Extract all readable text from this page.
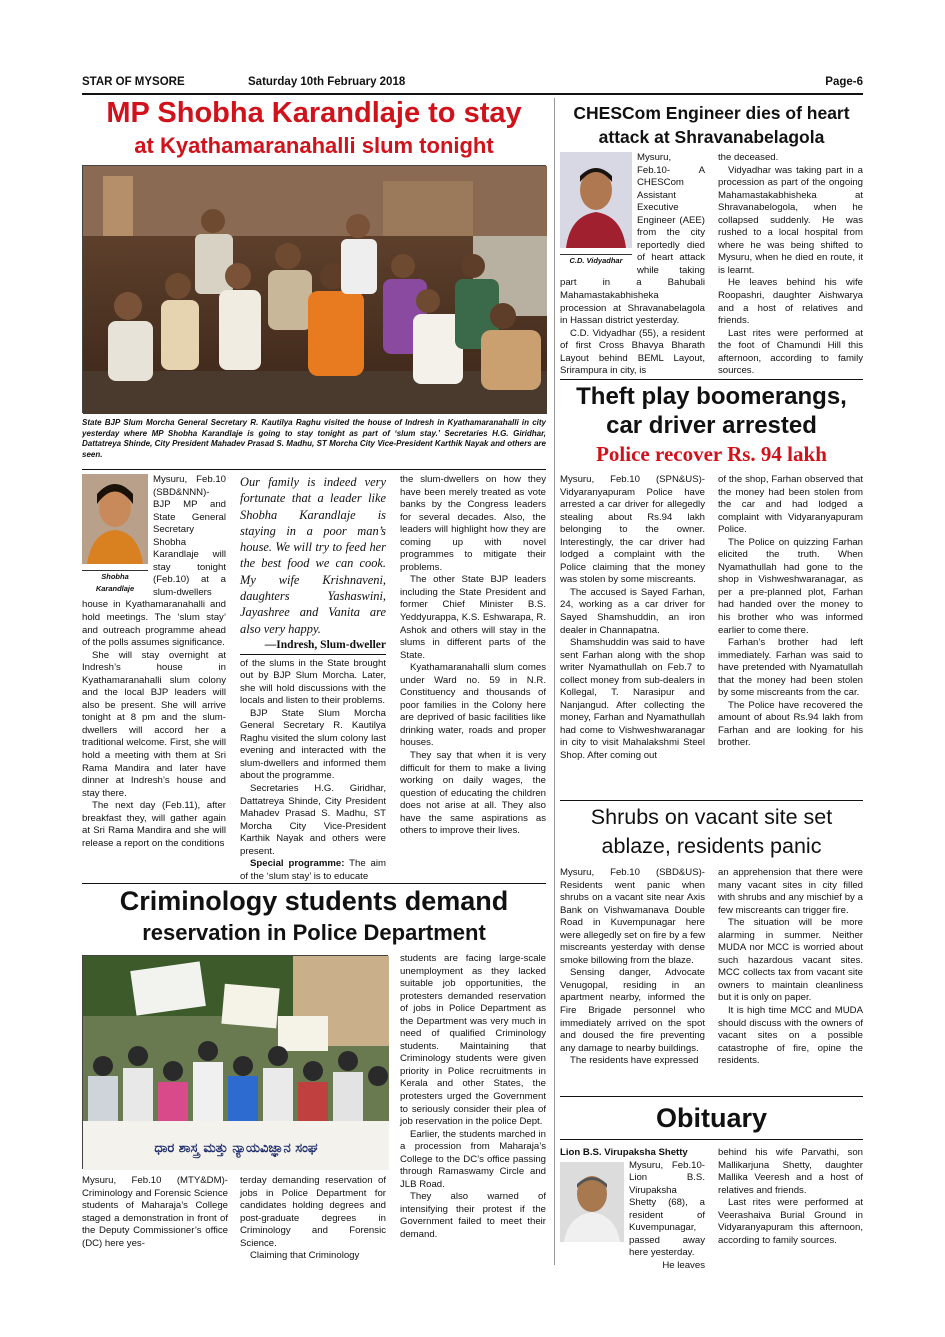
STAR OF MYSORE	Saturday 10th February 2018	Page-6
MP Shobha Karandlaje to stay
at Kyathamaranahalli slum tonight
State BJP Slum Morcha General Secretary R. Kautilya Raghu visited the house of Indresh in Kyathamaranahalli in city yesterday where MP Shobha Karandlaje is going to stay tonight as part of ‘slum stay.’ Secretaries H.G. Giridhar, Dattatreya Shinde, City President Mahadev Prasad S. Madhu, ST Morcha City Vice-President Karthik Nayak and others are seen.
Shobha Karandlaje

Mysuru, Feb.10 (SBD&NNN)- BJP MP and State General Secretary Shobha Karandlaje will stay tonight (Feb.10) at a slum-dwellers house in Kyathamaranahalli and hold meetings. The ‘slum stay’ and outreach programme ahead of the polls assumes significance.

She will stay overnight at Indresh’s house in Kyathamaranahalli slum colony and the local BJP leaders will also be present. She will arrive tonight at 8 pm and the slum-dwellers will accord her a traditional welcome. First, she will hold a meeting with them at Sri Rama Mandira and later have dinner at Indresh’s house and stay there.

The next day (Feb.11), after breakfast they, will gather again at Sri Rama Mandira and she will release a report on the conditions

Our family is indeed very fortunate that a leader like Shobha Karandlaje is staying in a poor man’s house. We will try to feed her the best food we can cook. My wife Krishnaveni, daughters Yashaswini, Jayashree and Vanita are also very happy.
—Indresh, Slum-dweller

of the slums in the State brought out by BJP Slum Morcha. Later, she will hold discussions with the locals and listen to their problems.

BJP State Slum Morcha General Secretary R. Kautilya Raghu visited the slum colony last evening and interacted with the slum-dwellers and informed them about the programme.

Secretaries H.G. Giridhar, Dattatreya Shinde, City President Mahadev Prasad S. Madhu, ST Morcha City Vice-President Karthik Nayak and others were present.

Special programme: The aim of the ‘slum stay’ is to educate

the slum-dwellers on how they have been merely treated as vote banks by the Congress leaders for several decades. Also, the leaders will highlight how they are coming up with novel programmes to mitigate their problems.

The other State BJP leaders including the State President and former Chief Minister B.S. Yeddyurappa, K.S. Eshwarapa, R. Ashok and others will stay in the slums in different parts of the State.

Kyathamaranahalli slum comes under Ward no. 59 in N.R. Constituency and thousands of poor families in the Colony here are deprived of basic facilities like drinking water, roads and proper houses.

They say that when it is very difficult for them to make a living working on daily wages, the question of educating the children does not arise at all. They also have the same aspirations as others to improve their lives.

Criminology students demand
reservation in Police Department
ಧಾರ ಶಾಸ್ತ್ರ ಮತ್ತು ನ್ಯಾಯವಿಜ್ಞಾನ ಸಂಘ

Mysuru, Feb.10 (MTY&DM)- Criminology and Forensic Science students of Maharaja’s College staged a demonstration in front of the Deputy Commissioner’s office (DC) here yes-

terday demanding reservation of jobs in Police Department for candidates holding degrees and post-graduate degrees in Criminology and Forensic Science.

Claiming that Criminology

students are facing large-scale unemployment as they lacked suitable job opportunities, the protesters demanded reservation of jobs in Police Department as the Department was very much in need of qualified Criminology students. Maintaining that Criminology students were given priority in Police recruitments in Kerala and other States, the protesters urged the Government to seriously consider their plea of job reservation in the police Dept.

Earlier, the students marched in a procession from Maharaja’s College to the DC’s office passing through Ramaswamy Circle and JLB Road.

They also warned of intensifying their protest if the Government failed to meet their demand.

CHESCom Engineer dies of heart
attack at Shravanabelagola
C.D. Vidyadhar

Mysuru, Feb.10- A CHESCom Assistant Executive Engineer (AEE) from the city reportedly died of heart attack while taking part in a Bahubali Mahamastakabhisheka procession at Shravanabelagola in Hassan district yesterday.

C.D. Vidyadhar (55), a resident of first Cross Bhavya Bharath Layout behind BEML Layout, Srirampura in city, is

the deceased.

Vidyadhar was taking part in a procession as part of the ongoing Mahamastakabhisheka at Shravanabelogola, when he collapsed suddenly. He was rushed to a local hospital from where he was being shifted to Mysuru, when he died en route, it is learnt.

He leaves behind his wife Roopashri, daughter Aishwarya and a host of relatives and friends.

Last rites were performed at the foot of Chamundi Hill this afternoon, according to family sources.

Theft play boomerangs,
car driver arrested
Police recover Rs. 94 lakh

Mysuru, Feb.10 (SPN&US)- Vidyaranyapuram Police have arrested a car driver for allegedly stealing about Rs.94 lakh belonging to the owner. Interestingly, the car driver had lodged a complaint with the Police claiming that the money was stolen by some miscreants.

The accused is Sayed Farhan, 24, working as a car driver for Sayed Shamshuddin, an iron dealer in Channapatna.

Shamshuddin was said to have sent Farhan along with the shop writer Nyamathullah on Feb.7 to collect money from sub-dealers in Kollegal, T. Narasipur and Nanjangud. After collecting the money, Farhan and Nyamathullah had come to Vishweshwaranagar in city to visit Mahalakshmi Steel Shop. After coming out

of the shop, Farhan observed that the money had been stolen from the car and had lodged a complaint with Vidyaranyapuram Police.

The Police on quizzing Farhan elicited the truth. When Nyamathullah had gone to the shop in Vishweshwaranagar, as per a pre-planned plot, Farhan had handed over the money to his brother who was informed earlier to come there.

Farhan’s brother had left immediately. Farhan was said to have pretended with Nyamatullah that the money had been stolen by some miscreants from the car.

The Police have recovered the amount of about Rs.94 lakh from Farhan and are looking for his brother.

Shrubs on vacant site set
ablaze, residents panic

Mysuru, Feb.10 (SBD&US)- Residents went panic when shrubs on a vacant site near Axis Bank on Vishwamanava Double Road in Kuvempunagar here were allegedly set on fire by a few miscreants yesterday with dense smoke billowing from the blaze.

Sensing danger, Advocate Venugopal, residing in an apartment nearby, informed the Fire Brigade personnel who immediately arrived on the spot and doused the fire preventing any damage to nearby buildings.

The residents have expressed

an apprehension that there were many vacant sites in city filled with shrubs and any mischief by a few miscreants can trigger fire.

The situation will be more alarming in summer. Neither MUDA nor MCC is worried about such hazardous vacant sites. MCC collects tax from vacant site owners to maintain cleanliness but it is only on paper.

It is high time MCC and MUDA should discuss with the owners of vacant sites on a possible catastrophe of fire, opine the residents.

Obituary
Lion B.S. Virupaksha Shetty

Mysuru, Feb.10- Lion B.S. Virupaksha Shetty (68), a resident of Kuvempunagar, passed away here yesterday.

He leaves

behind his wife Parvathi, son Mallikarjuna Shetty, daughter Mallika Veeresh and a host of relatives and friends.

Last rites were performed at Veerashaiva Burial Ground in Vidyaranyapuram this afternoon, according to family sources.
